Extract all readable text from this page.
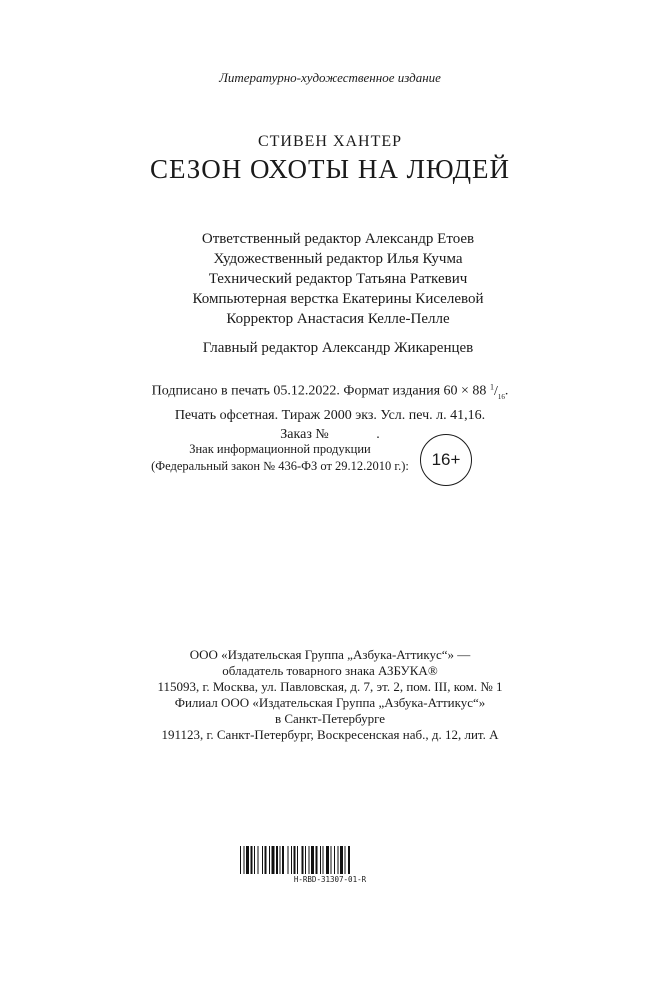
Литературно-художественное издание
СТИВЕН ХАНТЕР
СЕЗОН ОХОТЫ НА ЛЮДЕЙ
Ответственный редактор Александр Етоев
Художественный редактор Илья Кучма
Технический редактор Татьяна Раткевич
Компьютерная верстка Екатерины Киселевой
Корректор Анастасия Келле-Пелле
Главный редактор Александр Жикаренцев
Подписано в печать 05.12.2022. Формат издания 60 × 88 $^1/_{16}$.
Печать офсетная. Тираж 2000 экз. Усл. печ. л. 41,16.
Заказ №	.
Знак информационной продукции
(Федеральный закон № 436-ФЗ от 29.12.2010 г.):	16+
ООО «Издательская Группа „Азбука-Аттикус“» —
обладатель товарного знака АЗБУКА®
115093, г. Москва, ул. Павловская, д. 7, эт. 2, пом. III, ком. № 1
Филиал ООО «Издательская Группа „Азбука-Аттикус“»
в Санкт-Петербурге
191123, г. Санкт-Петербург, Воскресенская наб., д. 12, лит. А
H-RBD-31307-01-R
